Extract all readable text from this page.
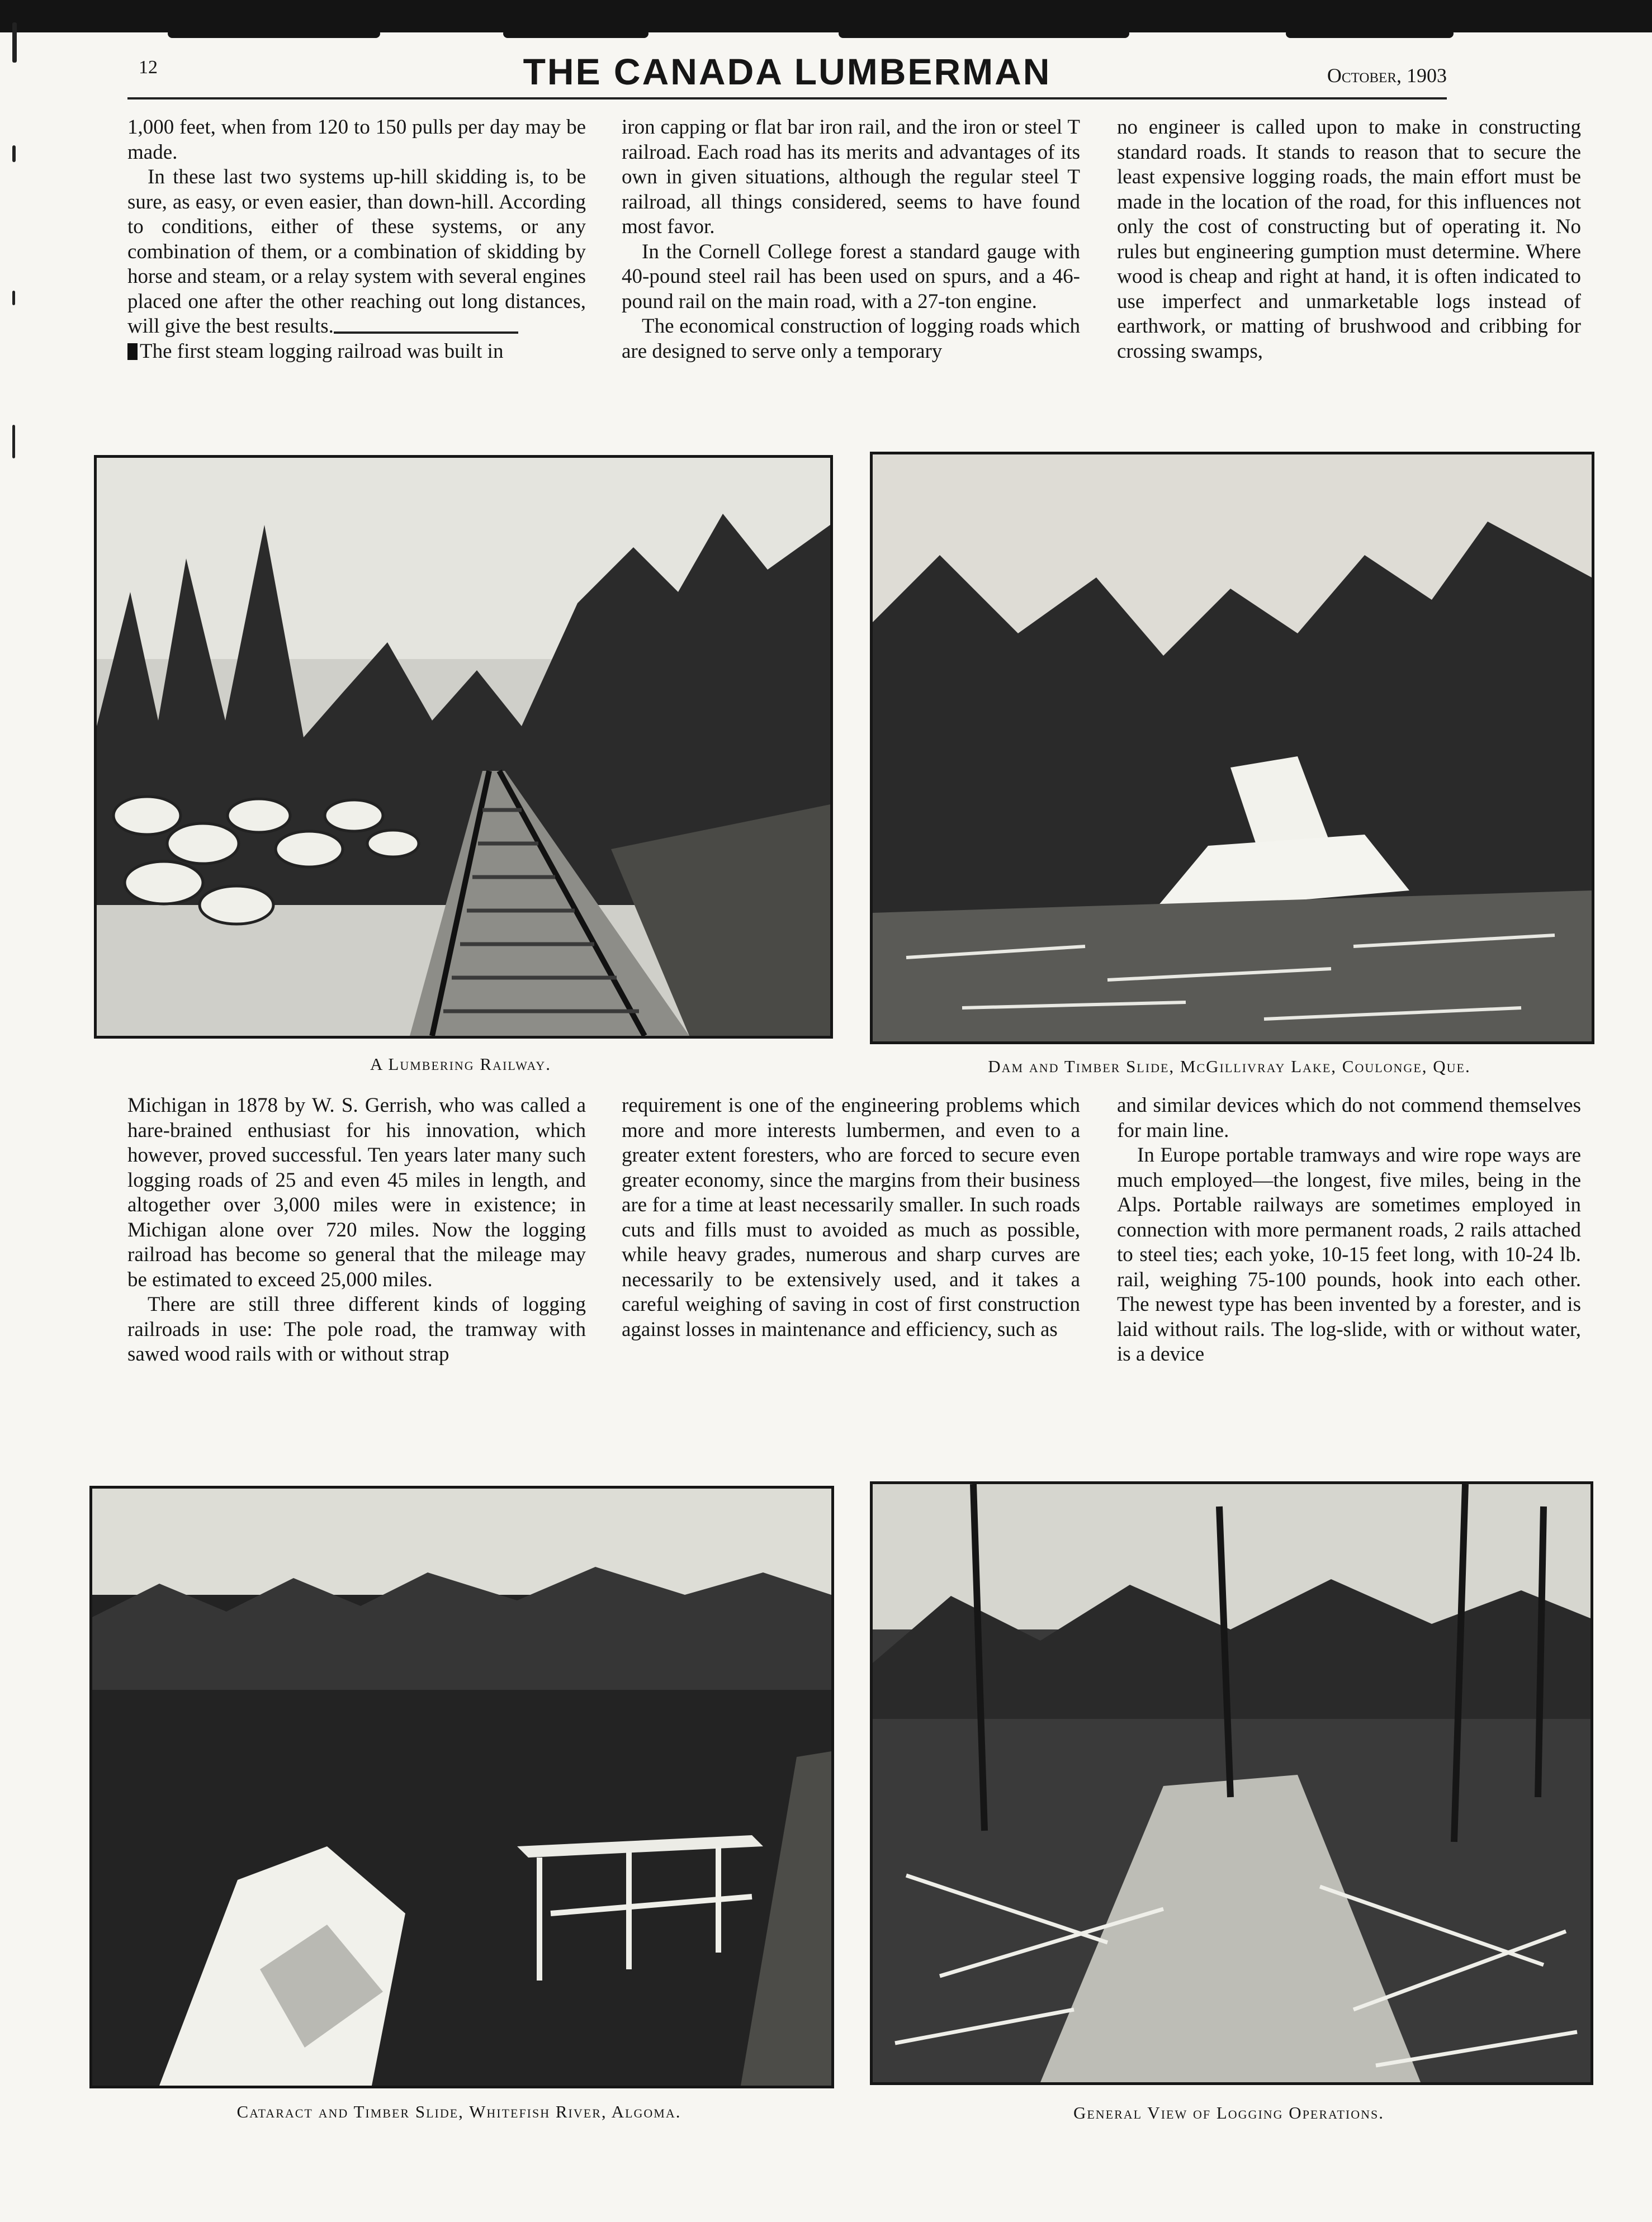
12	THE CANADA LUMBERMAN	October, 1903

1,000 feet, when from 120 to 150 pulls per day may be made.

In these last two systems up-hill skidding is, to be sure, as easy, or even easier, than down-hill. According to conditions, either of these systems, or any combination of them, or a combination of skidding by horse and steam, or a relay system with several engines placed one after the other reaching out long distances, will give the best results.

The first steam logging railroad was built in

iron capping or flat bar iron rail, and the iron or steel T railroad. Each road has its merits and advantages of its own in given situations, although the regular steel T railroad, all things considered, seems to have found most favor.

In the Cornell College forest a standard gauge with 40-pound steel rail has been used on spurs, and a 46-pound rail on the main road, with a 27-ton engine.

The economical construction of logging roads which are designed to serve only a temporary

no engineer is called upon to make in constructing standard roads. It stands to reason that to secure the least expensive logging roads, the main effort must be made in the location of the road, for this influences not only the cost of constructing but of operating it. No rules but engineering gumption must determine. Where wood is cheap and right at hand, it is often indicated to use imperfect and unmarketable logs instead of earthwork, or matting of brushwood and cribbing for crossing swamps,

A Lumbering Railway.	Dam and Timber Slide, McGillivray Lake, Coulonge, Que.

Michigan in 1878 by W. S. Gerrish, who was called a hare-brained enthusiast for his innovation, which however, proved successful. Ten years later many such logging roads of 25 and even 45 miles in length, and altogether over 3,000 miles were in existence; in Michigan alone over 720 miles. Now the logging railroad has become so general that the mileage may be estimated to exceed 25,000 miles.

There are still three different kinds of logging railroads in use: The pole road, the tramway with sawed wood rails with or without strap

requirement is one of the engineering problems which more and more interests lumbermen, and even to a greater extent foresters, who are forced to secure even greater economy, since the margins from their business are for a time at least necessarily smaller. In such roads cuts and fills must to avoided as much as possible, while heavy grades, numerous and sharp curves are necessarily to be extensively used, and it takes a careful weighing of saving in cost of first construction against losses in maintenance and efficiency, such as

and similar devices which do not commend themselves for main line.

In Europe portable tramways and wire rope ways are much employed—the longest, five miles, being in the Alps. Portable railways are sometimes employed in connection with more permanent roads, 2 rails attached to steel ties; each yoke, 10-15 feet long, with 10-24 lb. rail, weighing 75-100 pounds, hook into each other. The newest type has been invented by a forester, and is laid without rails. The log-slide, with or without water, is a device

Cataract and Timber Slide, Whitefish River, Algoma.	General View of Logging Operations.
